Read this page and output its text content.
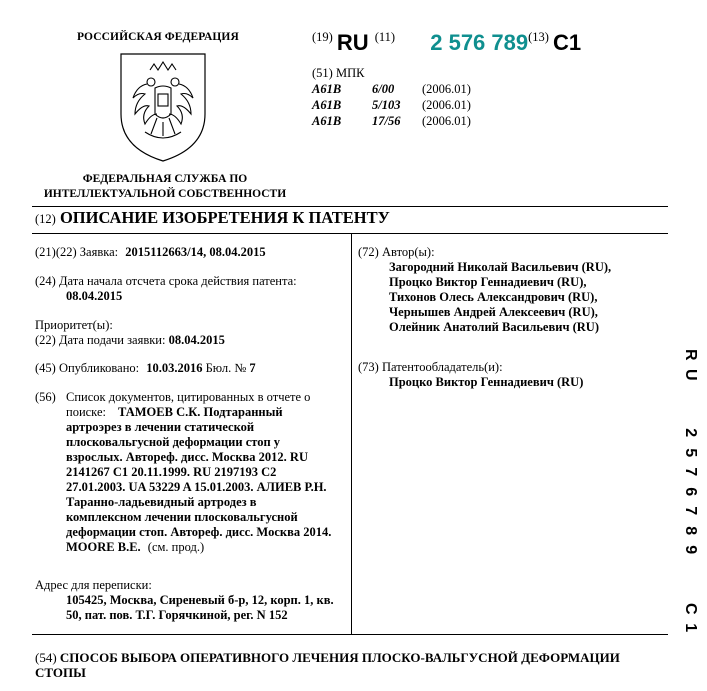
РОССИЙСКАЯ ФЕДЕРАЦИЯ
ФЕДЕРАЛЬНАЯ СЛУЖБА ПО ИНТЕЛЛЕКТУАЛЬНОЙ СОБСТВЕННОСТИ
(19) RU (11) 2 576 789(13) C1
(51) МПК
A61B 6/00 (2006.01)
A61B 5/103 (2006.01)
A61B 17/56 (2006.01)
(12) ОПИСАНИЕ ИЗОБРЕТЕНИЯ К ПАТЕНТУ
(21)(22) Заявка: 2015112663/14, 08.04.2015
(24) Дата начала отсчета срока действия патента:
08.04.2015
Приоритет(ы):
(22) Дата подачи заявки: 08.04.2015
(45) Опубликовано: 10.03.2016 Бюл. № 7
(56) Список документов, цитированных в отчете о поиске: ТАМОЕВ С.К. Подтаранный
артроэрез в лечении статической
плосковальгусной деформации стоп у
взрослых. Автореф. дисс. Москва 2012. RU
2141267 C1 20.11.1999. RU 2197193 C2
27.01.2003. UA 53229 A 15.01.2003. АЛИЕВ Р.Н.
Таранно-ладьевидный артродез в
комплексном лечении плосковальгусной
деформации стоп. Автореф. дисс. Москва 2014.
MOORE B.E. (см. прод.)
Адрес для переписки:
105425, Москва, Сиреневый б-р, 12, корп. 1, кв.
50, пат. пов. Т.Г. Горячкиной, рег. N 152
(72) Автор(ы):
Загородний Николай Васильевич (RU),
Процко Виктор Геннадиевич (RU),
Тихонов Олесь Александрович (RU),
Чернышев Андрей Алексеевич (RU),
Олейник Анатолий Васильевич (RU)
(73) Патентообладатель(и):
Процко Виктор Геннадиевич (RU)
R
U
2
5
7
6
7
8
9
C
1
(54) СПОСОБ ВЫБОРА ОПЕРАТИВНОГО ЛЕЧЕНИЯ ПЛОСКО-ВАЛЬГУСНОЙ ДЕФОРМАЦИИ
СТОПЫ
